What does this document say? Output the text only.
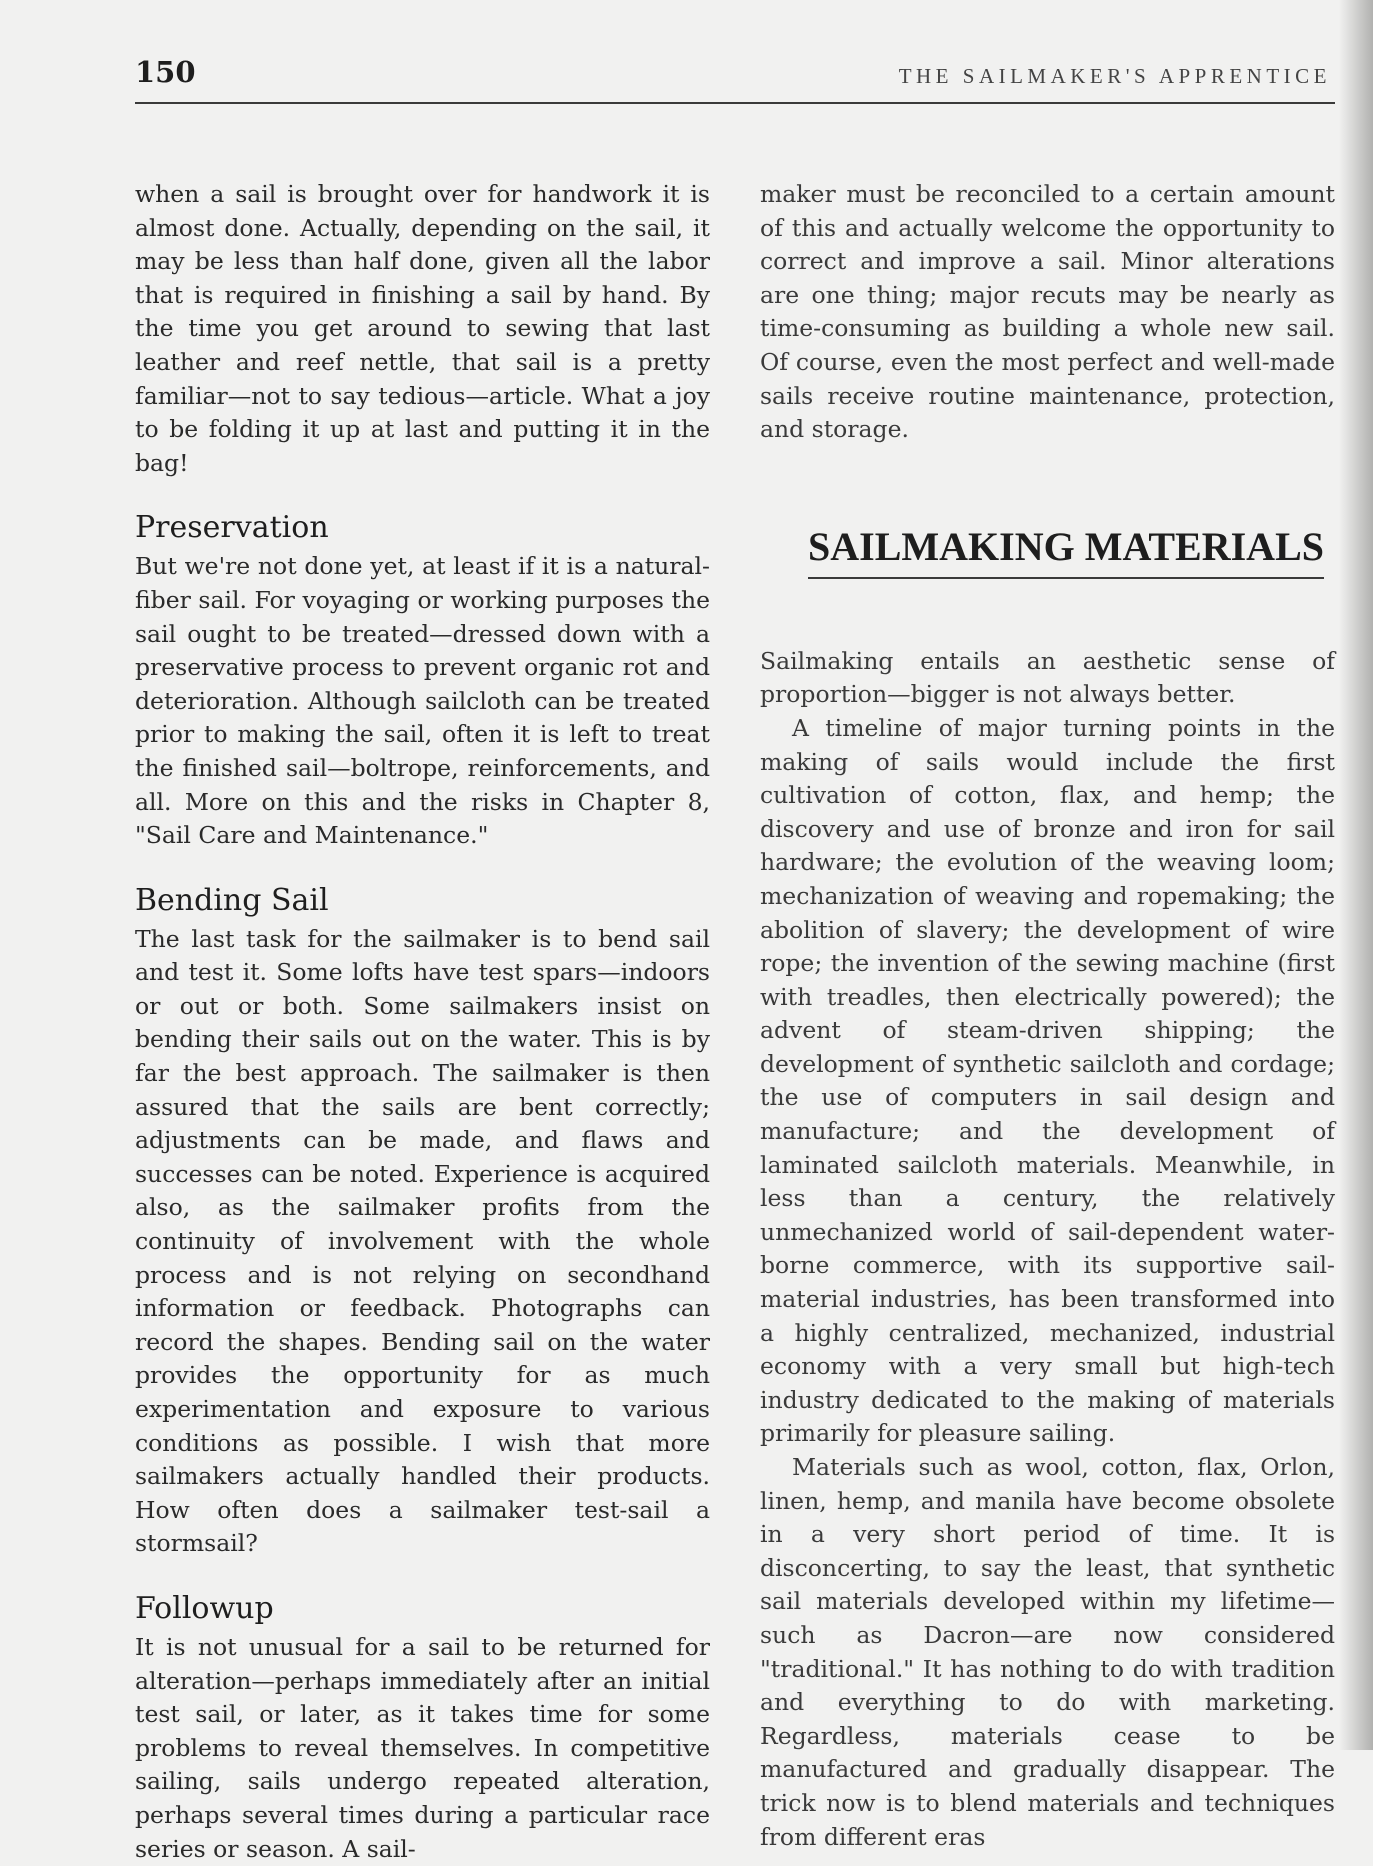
150	THE SAILMAKER'S APPRENTICE

when a sail is brought over for handwork it is almost done. Actually, depending on the sail, it may be less than half done, given all the labor that is required in finishing a sail by hand. By the time you get around to sewing that last leather and reef nettle, that sail is a pretty familiar—not to say tedious—article. What a joy to be folding it up at last and putting it in the bag!

Preservation

But we're not done yet, at least if it is a natural-fiber sail. For voyaging or working purposes the sail ought to be treated—dressed down with a preservative process to prevent organic rot and deterioration. Although sailcloth can be treated prior to making the sail, often it is left to treat the finished sail—boltrope, reinforcements, and all. More on this and the risks in Chapter 8, "Sail Care and Maintenance."

Bending Sail

The last task for the sailmaker is to bend sail and test it. Some lofts have test spars—indoors or out or both. Some sailmakers insist on bending their sails out on the water. This is by far the best approach. The sailmaker is then assured that the sails are bent correctly; adjustments can be made, and flaws and successes can be noted. Experience is acquired also, as the sailmaker profits from the continuity of involvement with the whole process and is not relying on secondhand information or feedback. Photographs can record the shapes. Bending sail on the water provides the opportunity for as much experimentation and exposure to various conditions as possible. I wish that more sailmakers actually handled their products. How often does a sailmaker test-sail a stormsail?

Followup

It is not unusual for a sail to be returned for alteration—perhaps immediately after an initial test sail, or later, as it takes time for some problems to reveal themselves. In competitive sailing, sails undergo repeated alteration, perhaps several times during a particular race series or season. A sail-

maker must be reconciled to a certain amount of this and actually welcome the opportunity to correct and improve a sail. Minor alterations are one thing; major recuts may be nearly as time-consuming as building a whole new sail. Of course, even the most perfect and well-made sails receive routine maintenance, protection, and storage.

SAILMAKING MATERIALS

Sailmaking entails an aesthetic sense of proportion—bigger is not always better.

A timeline of major turning points in the making of sails would include the first cultivation of cotton, flax, and hemp; the discovery and use of bronze and iron for sail hardware; the evolution of the weaving loom; mechanization of weaving and ropemaking; the abolition of slavery; the development of wire rope; the invention of the sewing machine (first with treadles, then electrically powered); the advent of steam-driven shipping; the development of synthetic sailcloth and cordage; the use of computers in sail design and manufacture; and the development of laminated sailcloth materials. Meanwhile, in less than a century, the relatively unmechanized world of sail-dependent water-borne commerce, with its supportive sail-material industries, has been transformed into a highly centralized, mechanized, industrial economy with a very small but high-tech industry dedicated to the making of materials primarily for pleasure sailing.

Materials such as wool, cotton, flax, Orlon, linen, hemp, and manila have become obsolete in a very short period of time. It is disconcerting, to say the least, that synthetic sail materials developed within my lifetime—such as Dacron—are now considered "traditional." It has nothing to do with tradition and everything to do with marketing. Regardless, materials cease to be manufactured and gradually disappear. The trick now is to blend materials and techniques from different eras
